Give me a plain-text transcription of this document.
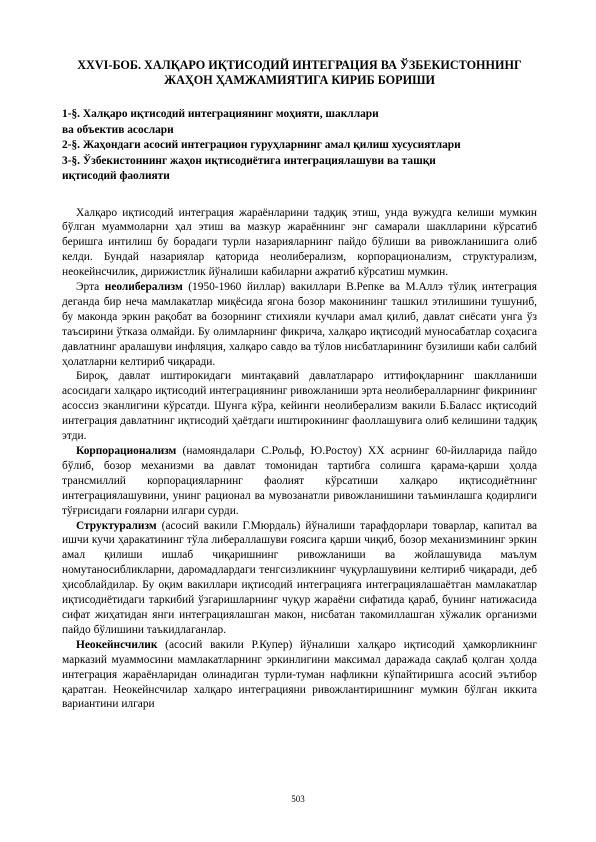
XXVI-БОБ. ХАЛҚАРО ИҚТИСОДИЙ ИНТЕГРАЦИЯ ВА ЎЗБЕКИСТОННИНГ
ЖАҲОН ҲАМЖАМИЯТИГА КИРИБ БОРИШИ
1-§. Халқаро иқтисодий интеграциянинг моҳияти, шакллари
ва объектив асослари
2-§. Жаҳондаги асосий интеграцион гуруҳларнинг амал қилиш хусусиятлари
3-§. Ўзбекистоннинг жаҳон иқтисодиётига интеграциялашуви ва ташқи
иқтисодий фаолияти

Халқаро иқтисодий интеграция жараёнларини тадқиқ этиш, унда вужудга келиши мумкин бўлган муаммоларни ҳал этиш ва мазкур жараённинг энг самарали шаклларини кўрсатиб беришга интилиш бу борадаги турли назарияларнинг пайдо бўлиши ва ривожланишига олиб келди. Бундай назариялар қаторида неолиберализм, корпорационализм, структурализм, неокейнсчилик, дирижистлик йўналиши кабиларни ажратиб кўрсатиш мумкин.

Эрта неолиберализм (1950-1960 йиллар) вакиллари В.Репке ва М.Аллэ тўлиқ интеграция деганда бир неча мамлакатлар миқёсида ягона бозор маконининг ташкил этилишини тушуниб, бу маконда эркин рақобат ва бозорнинг стихияли кучлари амал қилиб, давлат сиёсати унга ўз таъсирини ўтказа олмайди. Бу олимларнинг фикрича, халқаро иқтисодий муносабатлар соҳасига давлатнинг аралашуви инфляция, халқаро савдо ва тўлов нисбатларининг бузилиши каби салбий ҳолатларни келтириб чиқаради.

Бироқ, давлат иштирокидаги минтақавий давлатлараро иттифоқларнинг шаклланиши асосидаги халқаро иқтисодий интеграциянинг ривожланиши эрта неолибералларнинг фикрининг асоссиз эканлигини кўрсатди. Шунга кўра, кейинги неолиберализм вакили Б.Баласс иқтисодий интеграция давлатнинг иқтисодий ҳаётдаги иштирокининг фаоллашувига олиб келишини тадқиқ этди.

Корпорационализм (намояндалари С.Рольф, Ю.Ростоу) ХХ асрнинг 60-йилларида пайдо бўлиб, бозор механизми ва давлат томонидан тартибга солишга қарама-қарши ҳолда трансмиллий корпорацияларнинг фаолият кўрсатиши халқаро иқтисодиётнинг интеграциялашувини, унинг рационал ва мувозанатли ривожланишини таъминлашга қодирлиги тўғрисидаги ғояларни илгари сурди.

Структурализм (асосий вакили Г.Мюрдаль) йўналиши тарафдорлари товарлар, капитал ва ишчи кучи ҳаракатининг тўла либераллашуви ғоясига қарши чиқиб, бозор механизмининг эркин амал қилиши ишлаб чиқаришнинг ривожланиши ва жойлашувида маълум номутаносибликларни, даромадлардаги тенгсизликнинг чуқурлашувини келтириб чиқаради, деб ҳисоблайдилар. Бу оқим вакиллари иқтисодий интеграцияга интеграциялашаётган мамлакатлар иқтисодиётидаги таркибий ўзгаришларнинг чуқур жараёни сифатида қараб, бунинг натижасида сифат жиҳатидан янги интеграциялашган макон, нисбатан такомиллашган хўжалик организми пайдо бўлишини таъкидлаганлар.

Неокейнсчилик (асосий вакили Р.Купер) йўналиши халқаро иқтисодий ҳамкорликнинг марказий муаммосини мамлакатларнинг эркинлигини максимал даражада сақлаб қолган ҳолда интеграция жараёнларидан олинадиган турли-туман нафликни кўпайтиришга асосий эътибор қаратган. Неокейнсчилар халқаро интеграцияни ривожлантиришнинг мумкин бўлган иккита вариантини илгари

503
